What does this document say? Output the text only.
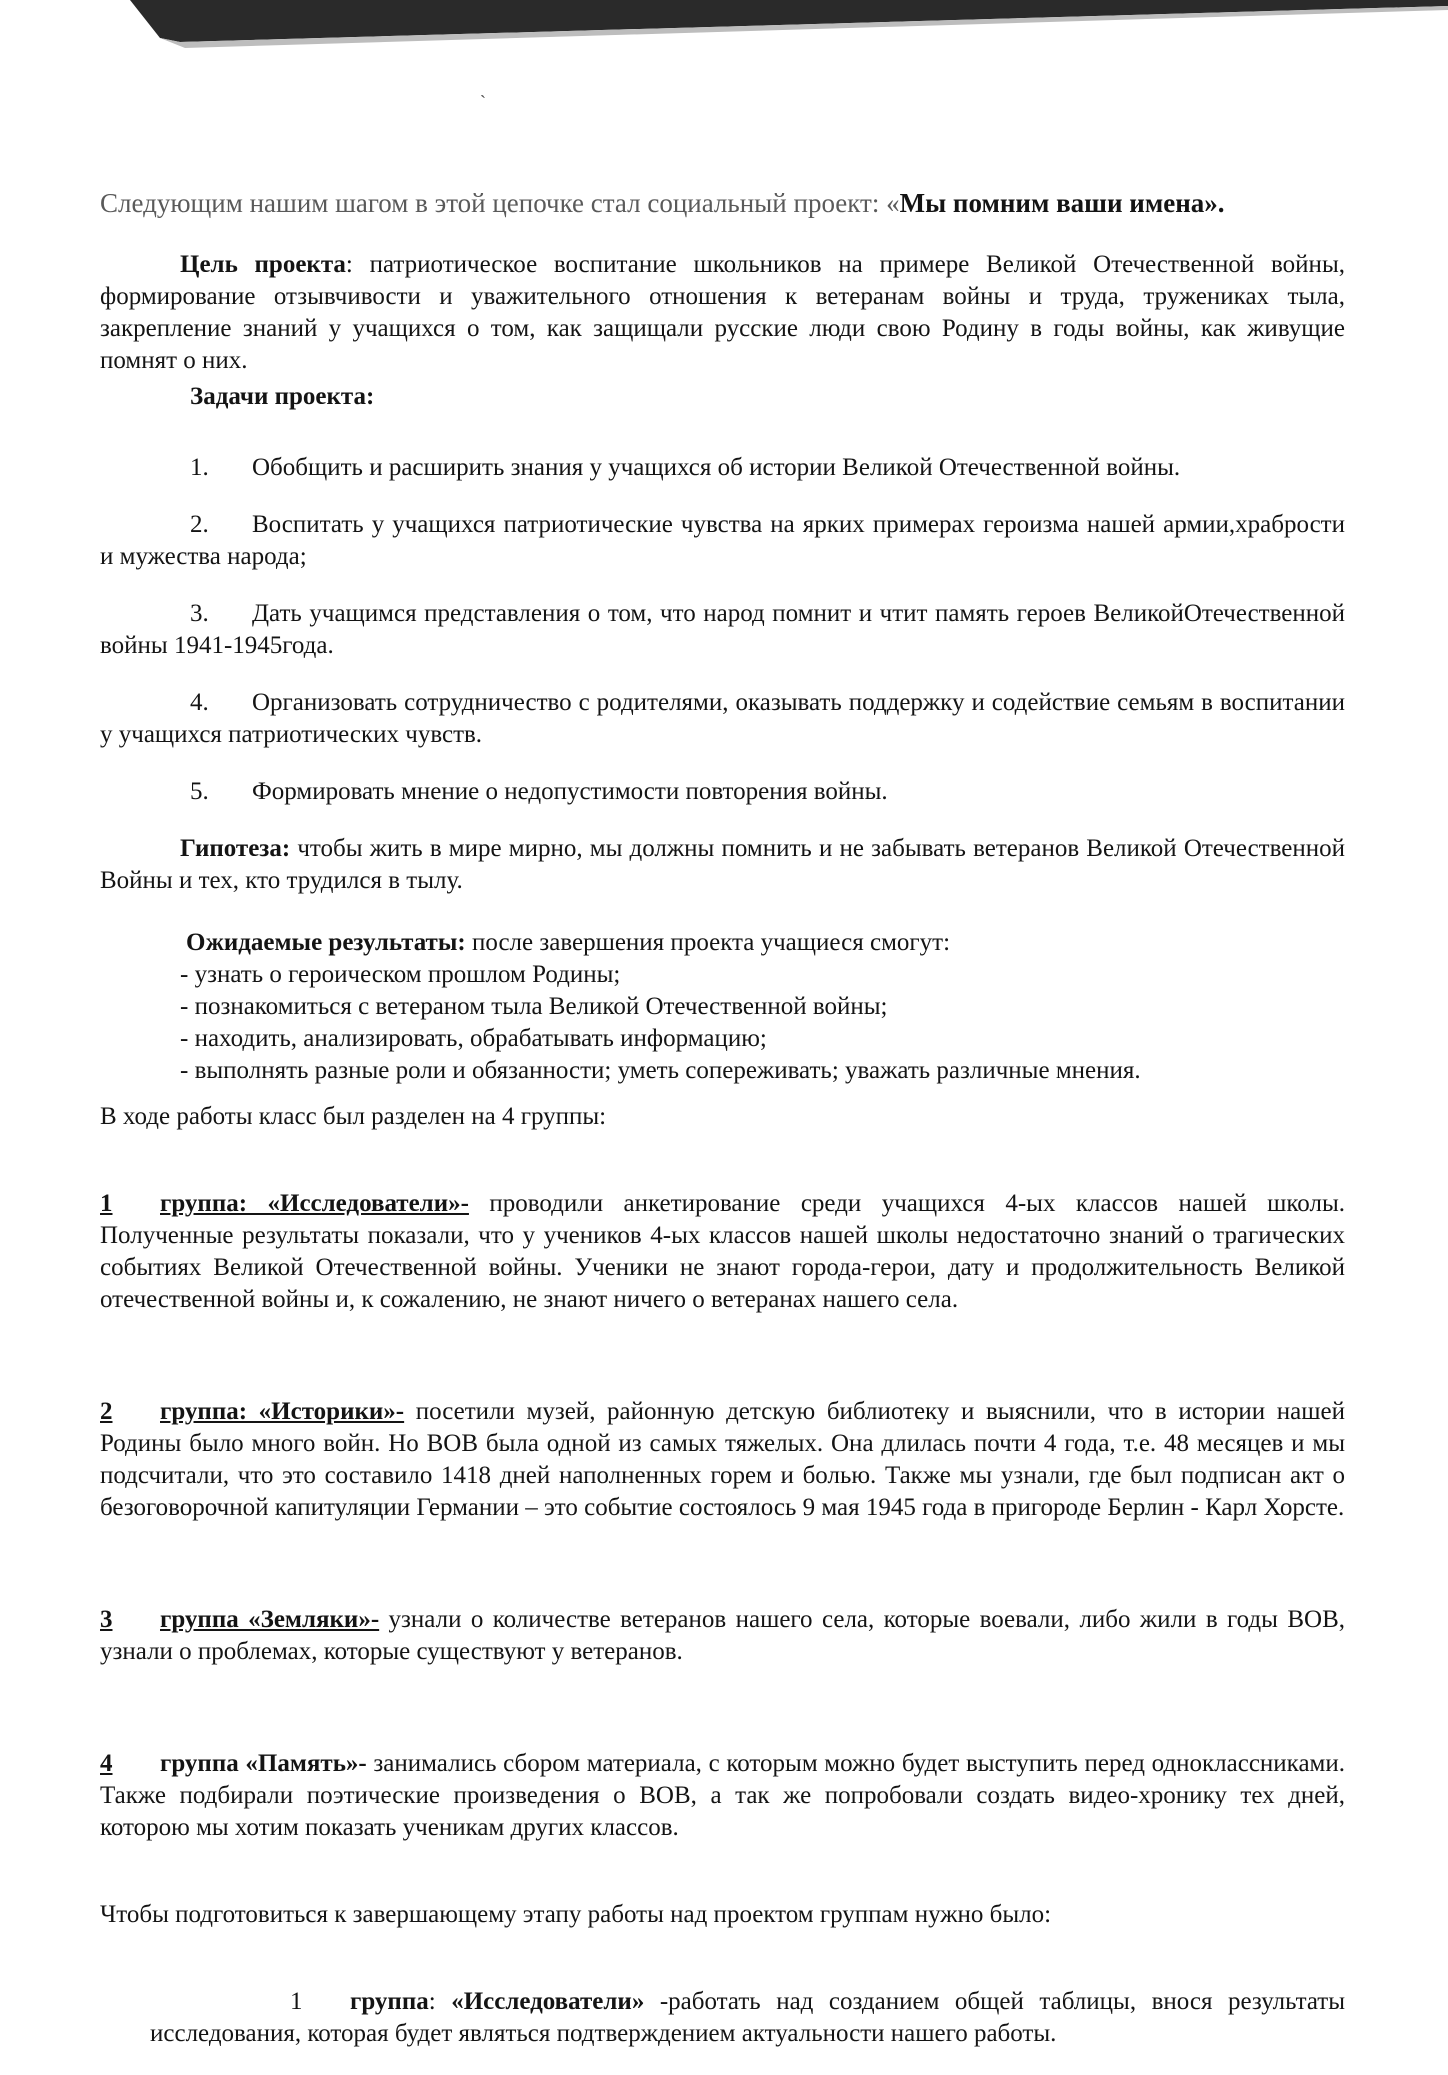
`

Следующим нашим шагом в этой цепочке стал социальный проект: «Мы помним ваши имена».

Цель проекта: патриотическое воспитание школьников на примере Великой Отечественной войны, формирование отзывчивости и уважительного отношения к ветеранам войны и труда, тружениках тыла, закрепление знаний у учащихся о том, как защищали русские люди свою Родину в годы войны, как живущие помнят о них.

Задачи проекта:

1. Обобщить и расширить знания у учащихся об истории Великой Отечественной войны.

2. Воспитать у учащихся патриотические чувства на ярких примерах героизма нашей армии,храбрости и мужества народа;

3. Дать учащимся представления о том, что народ помнит и чтит память героев ВеликойОтечественной войны 1941-1945года.

4. Организовать сотрудничество с родителями, оказывать поддержку и содействие семьям в воспитании у учащихся патриотических чувств.

5. Формировать мнение о недопустимости повторения войны.

Гипотеза: чтобы жить в мире мирно, мы должны помнить и не забывать ветеранов Великой Отечественной Войны и тех, кто трудился в тылу.

Ожидаемые результаты: после завершения проекта учащиеся смогут:

- узнать о героическом прошлом Родины;

- познакомиться с ветераном тыла Великой Отечественной войны;

- находить, анализировать, обрабатывать информацию;

- выполнять разные роли и обязанности; уметь сопереживать; уважать различные мнения.

В ходе работы класс был разделен на 4 группы:

1 группа: «Исследователи»- проводили анкетирование среди учащихся 4-ых классов нашей школы. Полученные результаты показали, что у учеников 4-ых классов нашей школы недостаточно знаний о трагических событиях Великой Отечественной войны. Ученики не знают города-герои, дату и продолжительность Великой отечественной войны и, к сожалению, не знают ничего о ветеранах нашего села.

2 группа: «Историки»- посетили музей, районную детскую библиотеку и выяснили, что в истории нашей Родины было много войн. Но ВОВ была одной из самых тяжелых. Она длилась почти 4 года, т.е. 48 месяцев и мы подсчитали, что это составило 1418 дней наполненных горем и болью. Также мы узнали, где был подписан акт о безоговорочной капитуляции Германии – это событие состоялось 9 мая 1945 года в пригороде Берлин - Карл Хорсте.

3 группа «Земляки»- узнали о количестве ветеранов нашего села, которые воевали, либо жили в годы ВОВ, узнали о проблемах, которые существуют у ветеранов.

4 группа «Память»- занимались сбором материала, с которым можно будет выступить перед одноклассниками. Также подбирали поэтические произведения о ВОВ, а так же попробовали создать видео-хронику тех дней, которою мы хотим показать ученикам других классов.

Чтобы подготовиться к завершающему этапу работы над проектом группам нужно было:

1 группа: «Исследователи» -работать над созданием общей таблицы, внося результаты исследования, которая будет являться подтверждением актуальности нашего работы.
